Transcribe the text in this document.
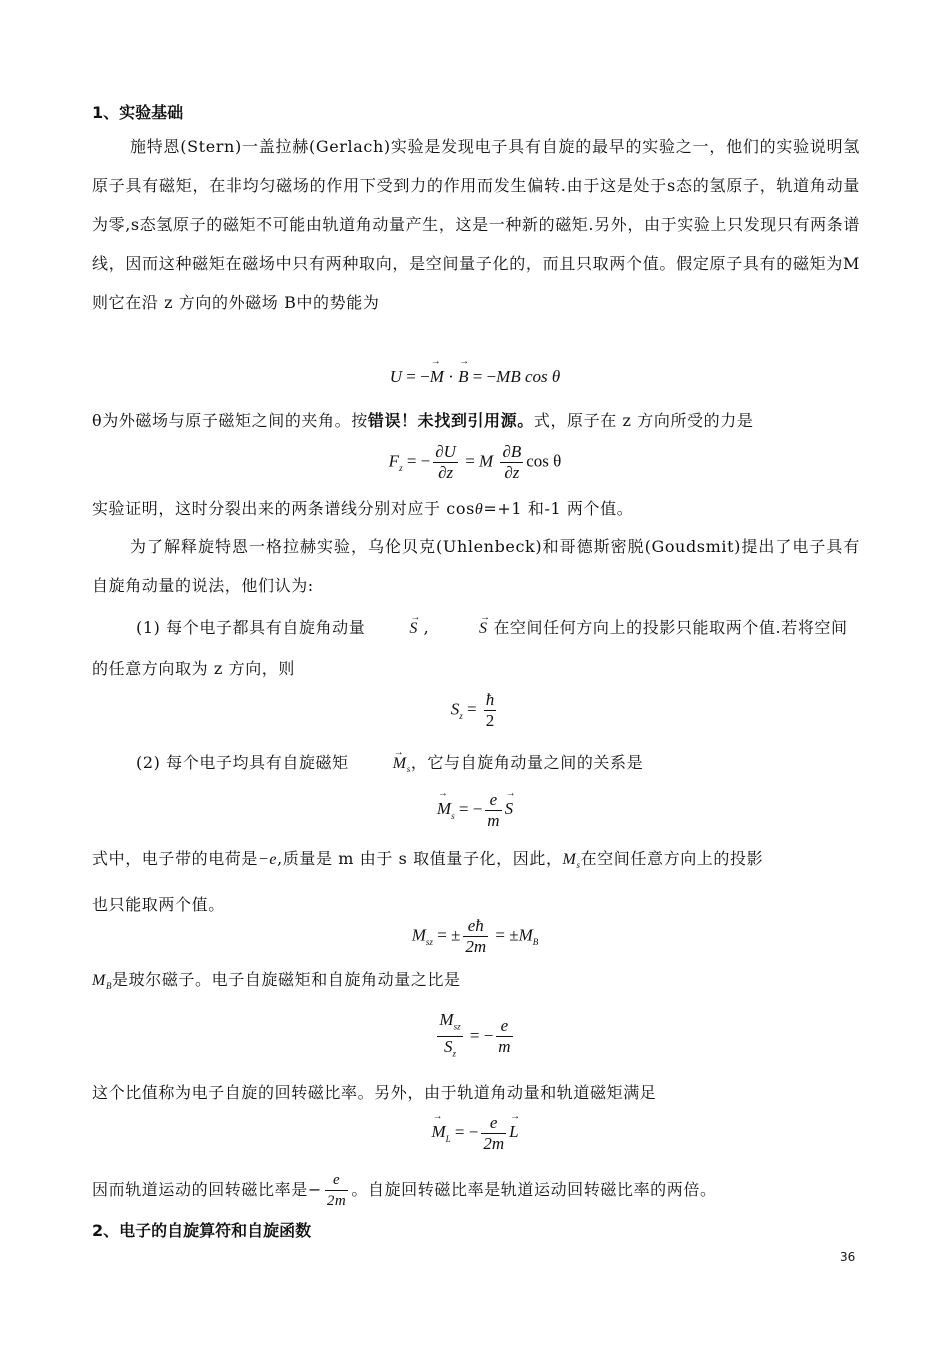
1、实验基础

施特恩(Stern)一盖拉赫(Gerlach)实验是发现电子具有自旋的最早的实验之一，他们的实验说明氢原子具有磁矩，在非均匀磁场的作用下受到力的作用而发生偏转.由于这是处于s态的氢原子，轨道角动量为零,s态氢原子的磁矩不可能由轨道角动量产生，这是一种新的磁矩.另外，由于实验上只发现只有两条谱线，因而这种磁矩在磁场中只有两种取向，是空间量子化的，而且只取两个值。假定原子具有的磁矩为M 则它在沿 z 方向的外磁场 B中的势能为

U = −→ M · → B = −MB cos θ
θ为外磁场与原子磁矩之间的夹角。按错误！未找到引用源。式，原子在 z 方向所受的力是
$F_z$ = − $\frac{\partial U}{\partial z} = M \frac{\partial B}{\partial z}$ cos θ
实验证明，这时分裂出来的两条谱线分别对应于 cosθ=+1 和-1 两个值。

为了解释旋特恩一格拉赫实验，乌伦贝克(Uhlenbeck)和哥德斯密脱(Goudsmit)提出了电子具有自旋角动量的说法，他们认为:

(1) 每个电子都具有自旋角动量→	S , →	S 在空间任何方向上的投影只能取两个值.若将空间
的任意方向取为 z 方向，则
$S_z = \frac{ħ}{2}$
(2) 每个电子均具有自旋磁矩→	$M_s$，它与自旋角动量之间的关系是
→ $M_s$ = − $\frac{e}{m}$
→ S

式中，电子带的电荷是−e,质量是 m 由于 s 取值量子化，因此，$M_s$在空间任意方向上的投影

也只能取两个值。

$M_{sz}$ = ± $\frac{eħ}{2m} = \pm M_B$
$M_B$是玻尔磁子。电子自旋磁矩和自旋角动量之比是
$\frac{M_{sz}}{S_z}$ = − $\frac{e}{m}$
这个比值称为电子自旋的回转磁比率。另外，由于轨道角动量和轨道磁矩满足
→ $M_L$ = − $\frac{e}{2m}$
→ L
因而轨道运动的回转磁比率是− $\frac{e}{2m}$ 。自旋回转磁比率是轨道运动回转磁比率的两倍。
2、电子的自旋算符和自旋函数
36
